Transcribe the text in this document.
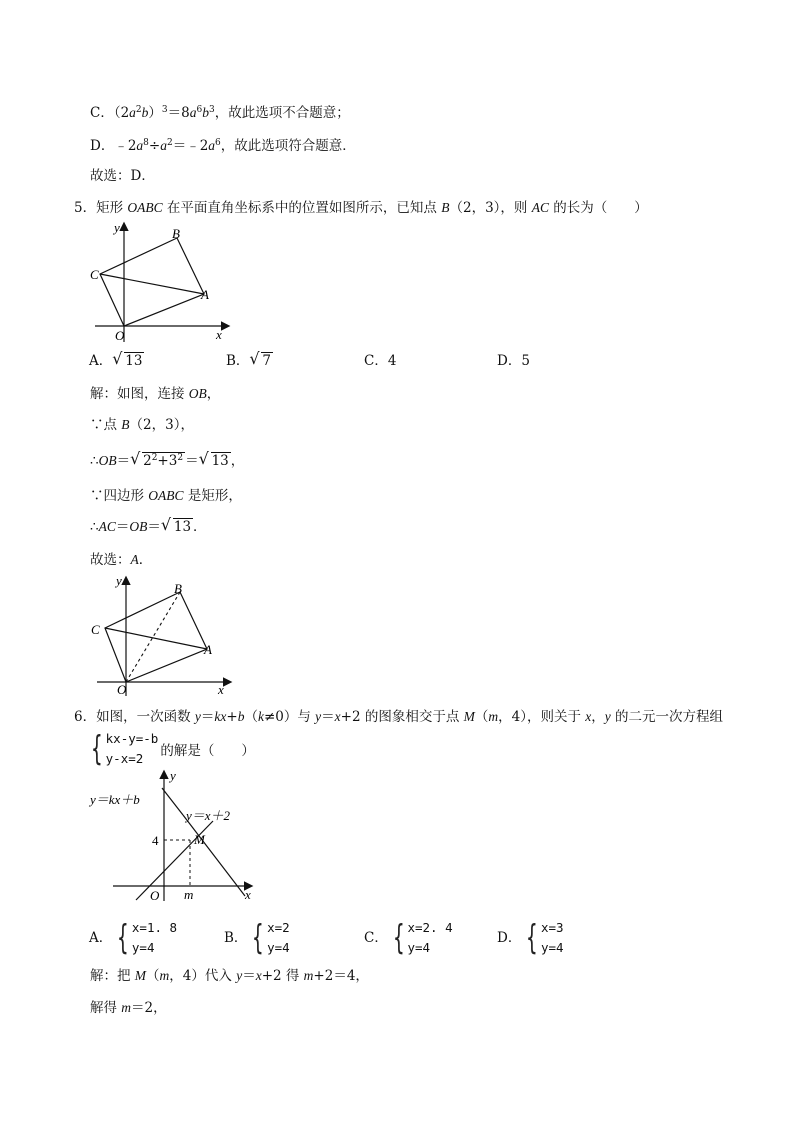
C．$(2a^2b)^3=8a^6b^3$，故此选项不合题意；
D．$﹣2a^8\div a^2=﹣2a^6$，故此选项符合题意．
故选：D．
5．矩形 OABC 在平面直角坐标系中的位置如图所示，已知点 B（2，3），则 AC 的长为（　　）
y
x
O
A
B
C
A． √ 13	B． √ 7	C．4	D．5
解：如图，连接 OB，
∵点 B（2，3），
∴OB＝ √ $2^2+3^2$ ＝ √ 13 ，
∵四边形 OABC 是矩形，
∴AC＝OB＝ √ 13 ．
故选：A．
y
x
O
A
B
C
6．如图，一次函数 y＝kx+b（k≠0）与 y＝x+2 的图象相交于点 M（m，4），则关于 x，y 的二元一次方程组
{ kx-y=-b
y-x=2	的解是（　　）
y＝kx＋b
y＝x＋2
y
x
O
M
m
4
A． { x=1. 8
y=4
B． { x=2
y=4
C． { x=2. 4
y=4
D． { x=3
y=4
解：把 M（m，4）代入 y＝x+2 得 m+2＝4，
解得 m＝2，
